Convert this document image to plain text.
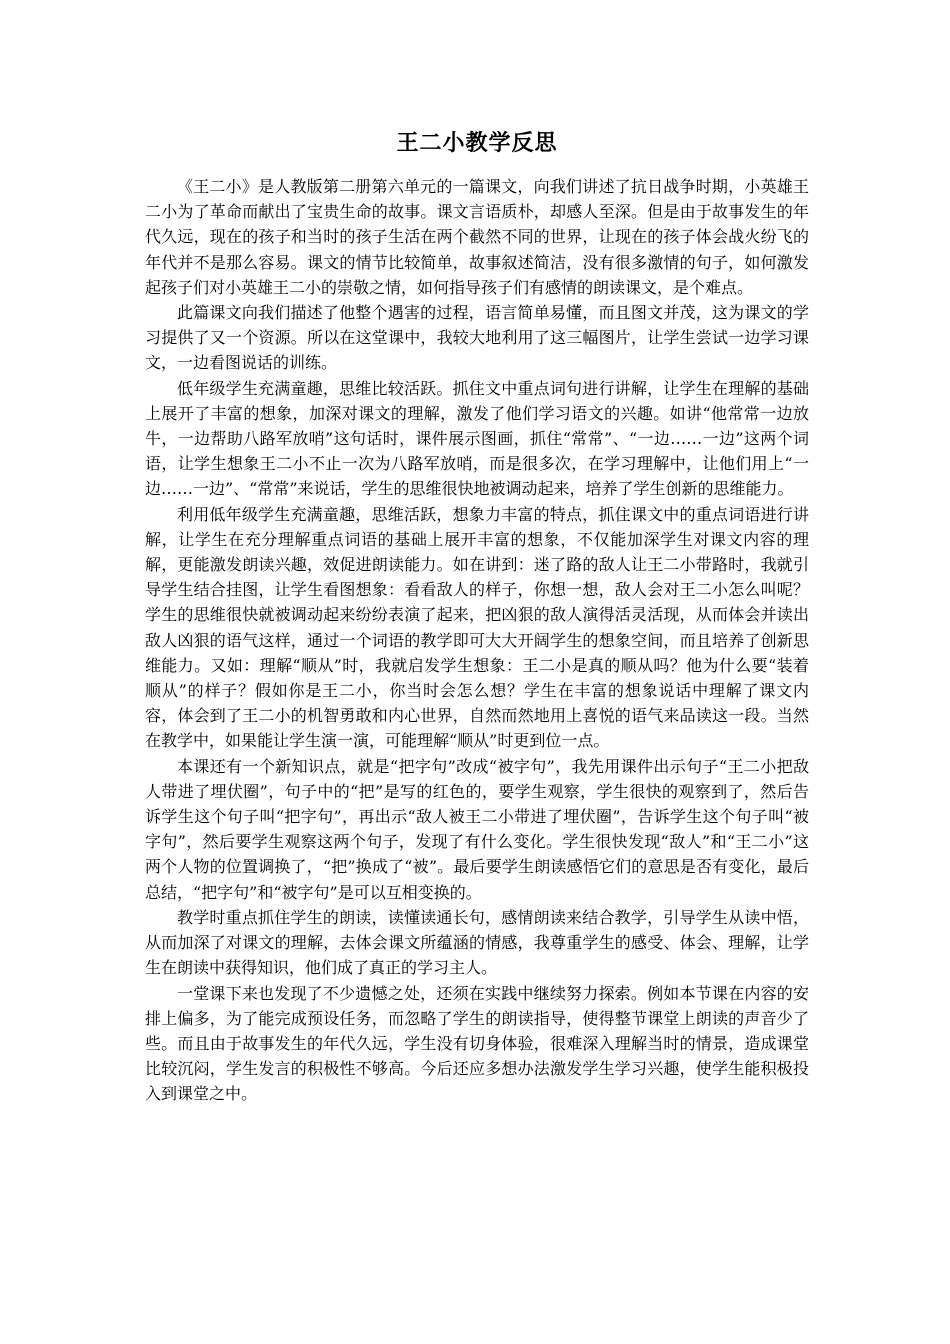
王二小教学反思

《王二小》是人教版第二册第六单元的一篇课文，向我们讲述了抗日战争时期，小英雄王二小为了革命而献出了宝贵生命的故事。课文言语质朴，却感人至深。但是由于故事发生的年代久远，现在的孩子和当时的孩子生活在两个截然不同的世界，让现在的孩子体会战火纷飞的年代并不是那么容易。课文的情节比较简单，故事叙述简洁，没有很多激情的句子，如何激发起孩子们对小英雄王二小的崇敬之情，如何指导孩子们有感情的朗读课文，是个难点。

此篇课文向我们描述了他整个遇害的过程，语言简单易懂，而且图文并茂，这为课文的学习提供了又一个资源。所以在这堂课中，我较大地利用了这三幅图片，让学生尝试一边学习课文，一边看图说话的训练。

低年级学生充满童趣，思维比较活跃。抓住文中重点词句进行讲解，让学生在理解的基础上展开了丰富的想象，加深对课文的理解，激发了他们学习语文的兴趣。如讲“他常常一边放牛，一边帮助八路军放哨”这句话时，课件展示图画，抓住“常常”、“一边……一边”这两个词语，让学生想象王二小不止一次为八路军放哨，而是很多次，在学习理解中，让他们用上“一边……一边”、“常常”来说话，学生的思维很快地被调动起来，培养了学生创新的思维能力。

利用低年级学生充满童趣，思维活跃，想象力丰富的特点，抓住课文中的重点词语进行讲解，让学生在充分理解重点词语的基础上展开丰富的想象，不仅能加深学生对课文内容的理解，更能激发朗读兴趣，效促进朗读能力。如在讲到：迷了路的敌人让王二小带路时，我就引导学生结合挂图，让学生看图想象：看看敌人的样子，你想一想，敌人会对王二小怎么叫呢？学生的思维很快就被调动起来纷纷表演了起来，把凶狠的敌人演得活灵活现，从而体会并读出敌人凶狠的语气这样，通过一个词语的教学即可大大开阔学生的想象空间，而且培养了创新思维能力。又如：理解“顺从”时，我就启发学生想象：王二小是真的顺从吗？他为什么要“装着顺从”的样子？假如你是王二小，你当时会怎么想？学生在丰富的想象说话中理解了课文内容，体会到了王二小的机智勇敢和内心世界，自然而然地用上喜悦的语气来品读这一段。当然在教学中，如果能让学生演一演，可能理解“顺从”时更到位一点。

本课还有一个新知识点，就是“把字句”改成“被字句”，我先用课件出示句子“王二小把敌人带进了埋伏圈”，句子中的“把”是写的红色的，要学生观察，学生很快的观察到了，然后告诉学生这个句子叫“把字句”，再出示“敌人被王二小带进了埋伏圈”，告诉学生这个句子叫“被字句”，然后要学生观察这两个句子，发现了有什么变化。学生很快发现“敌人”和“王二小”这两个人物的位置调换了，“把”换成了“被”。最后要学生朗读感悟它们的意思是否有变化，最后总结，“把字句”和“被字句”是可以互相变换的。

教学时重点抓住学生的朗读，读懂读通长句，感情朗读来结合教学，引导学生从读中悟，从而加深了对课文的理解，去体会课文所蕴涵的情感，我尊重学生的感受、体会、理解，让学生在朗读中获得知识，他们成了真正的学习主人。

一堂课下来也发现了不少遗憾之处，还须在实践中继续努力探索。例如本节课在内容的安排上偏多，为了能完成预设任务，而忽略了学生的朗读指导，使得整节课堂上朗读的声音少了些。而且由于故事发生的年代久远，学生没有切身体验，很难深入理解当时的情景，造成课堂比较沉闷，学生发言的积极性不够高。今后还应多想办法激发学生学习兴趣，使学生能积极投入到课堂之中。
